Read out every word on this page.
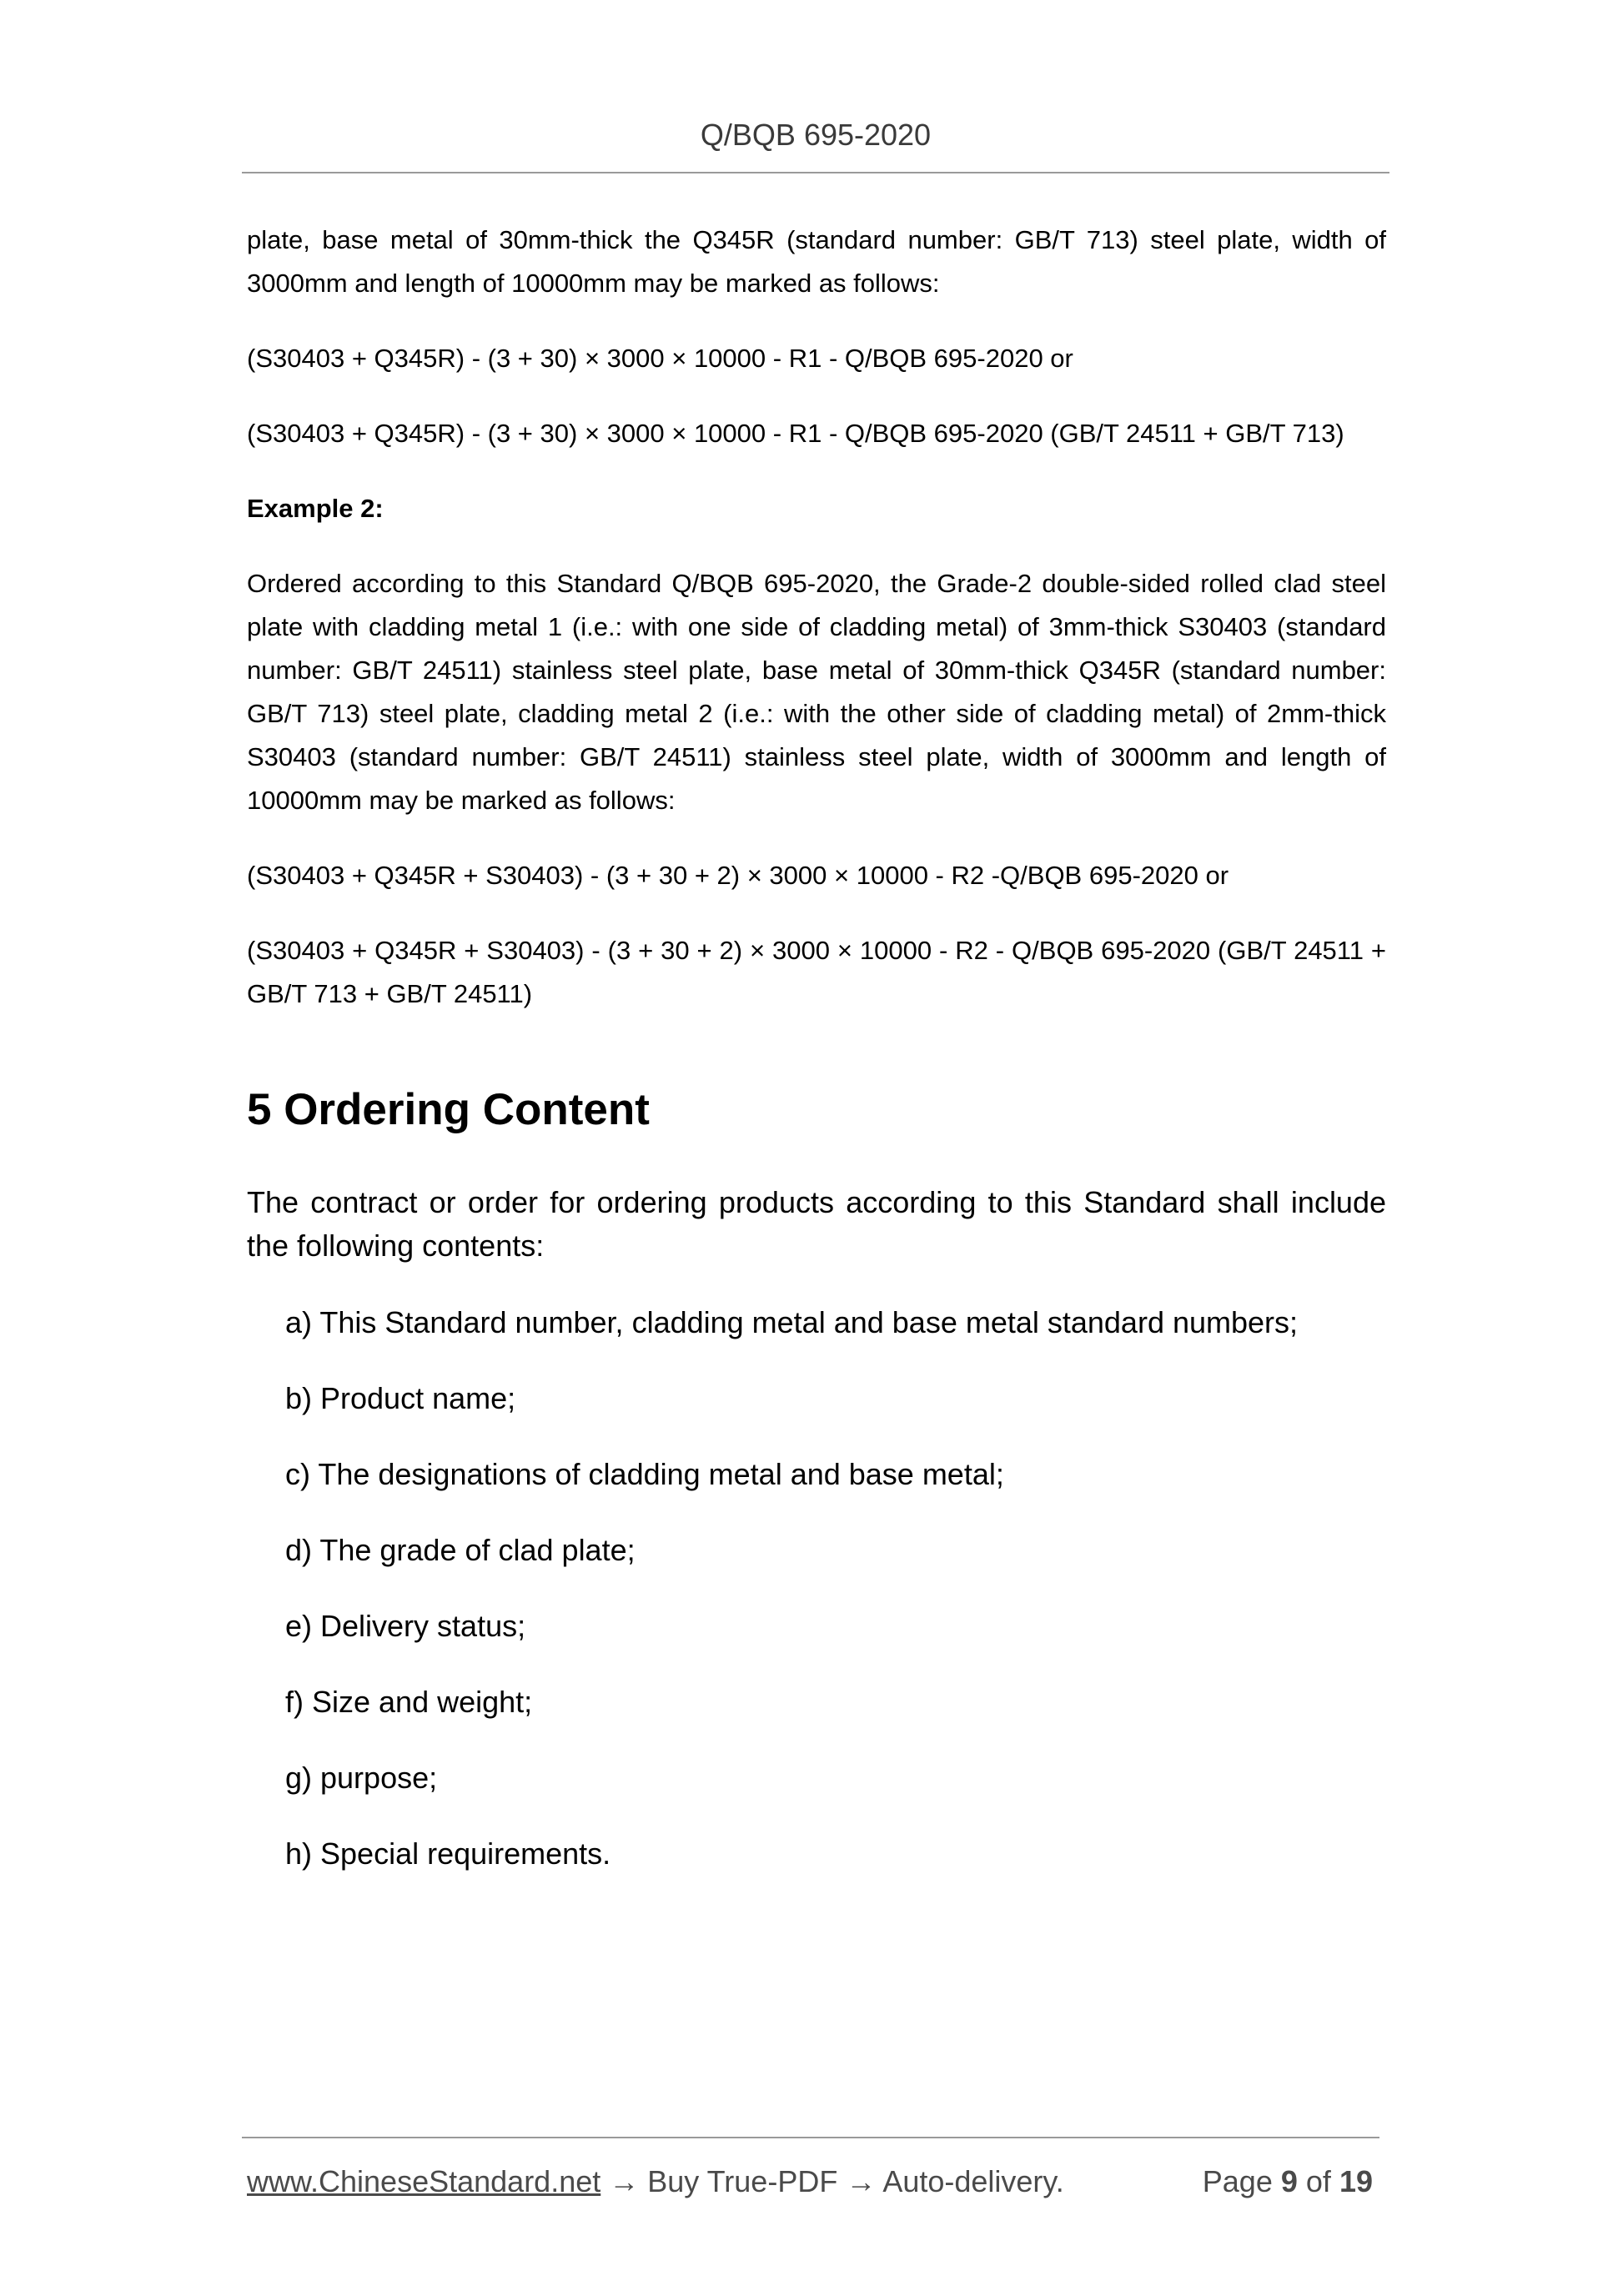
Q/BQB 695-2020

plate, base metal of 30mm-thick the Q345R (standard number: GB/T 713) steel plate, width of 3000mm and length of 10000mm may be marked as follows:

(S30403 + Q345R) - (3 + 30) × 3000 × 10000 - R1 - Q/BQB 695-2020 or

(S30403 + Q345R) - (3 + 30) × 3000 × 10000 - R1 - Q/BQB 695-2020 (GB/T 24511 + GB/T 713)

Example 2:

Ordered according to this Standard Q/BQB 695-2020, the Grade-2 double-sided rolled clad steel plate with cladding metal 1 (i.e.: with one side of cladding metal) of 3mm-thick S30403 (standard number: GB/T 24511) stainless steel plate, base metal of 30mm-thick Q345R (standard number: GB/T 713) steel plate, cladding metal 2 (i.e.: with the other side of cladding metal) of 2mm-thick S30403 (standard number: GB/T 24511) stainless steel plate, width of 3000mm and length of 10000mm may be marked as follows:

(S30403 + Q345R + S30403) - (3 + 30 + 2) × 3000 × 10000 - R2 -Q/BQB 695-2020 or

(S30403 + Q345R + S30403) - (3 + 30 + 2) × 3000 × 10000 - R2 - Q/BQB 695-2020 (GB/T 24511 + GB/T 713 + GB/T 24511)

5 Ordering Content

The contract or order for ordering products according to this Standard shall include the following contents:

a) This Standard number, cladding metal and base metal standard numbers;
b) Product name;
c) The designations of cladding metal and base metal;
d) The grade of clad plate;
e) Delivery status;
f) Size and weight;
g) purpose;
h) Special requirements.
www.ChineseStandard.net → Buy True-PDF → Auto-delivery.	Page 9 of 19
